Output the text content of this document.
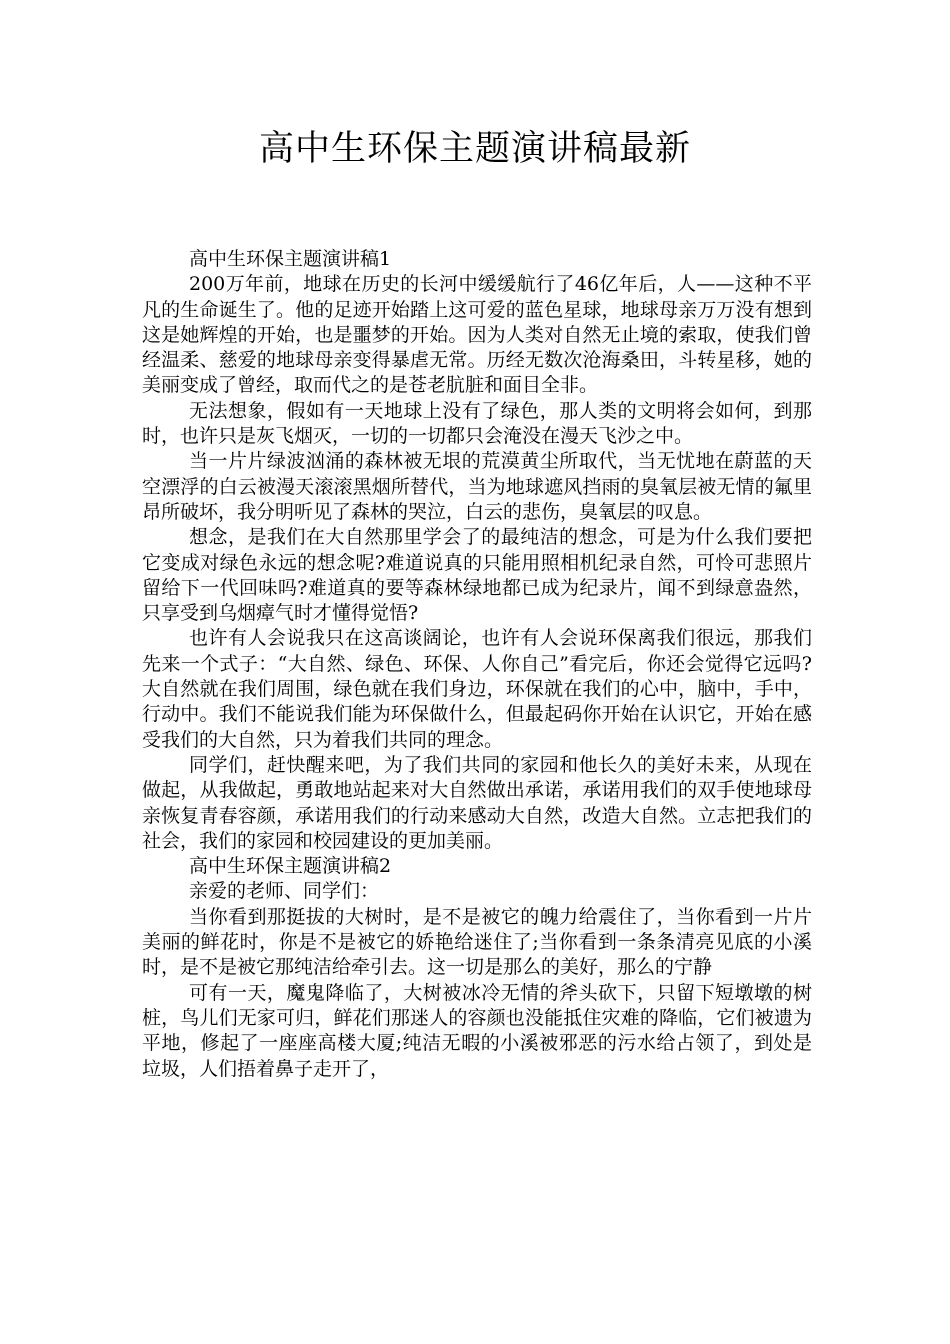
高中生环保主题演讲稿最新

高中生环保主题演讲稿1

200万年前，地球在历史的长河中缓缓航行了46亿年后，人——这种不平凡的生命诞生了。他的足迹开始踏上这可爱的蓝色星球，地球母亲万万没有想到这是她辉煌的开始，也是噩梦的开始。因为人类对自然无止境的索取，使我们曾经温柔、慈爱的地球母亲变得暴虐无常。历经无数次沧海桑田，斗转星移，她的美丽变成了曾经，取而代之的是苍老肮脏和面目全非。

无法想象，假如有一天地球上没有了绿色，那人类的文明将会如何，到那时，也许只是灰飞烟灭，一切的一切都只会淹没在漫天飞沙之中。

当一片片绿波汹涌的森林被无垠的荒漠黄尘所取代，当无忧地在蔚蓝的天空漂浮的白云被漫天滚滚黑烟所替代，当为地球遮风挡雨的臭氧层被无情的氟里昂所破坏，我分明听见了森林的哭泣，白云的悲伤，臭氧层的叹息。

想念，是我们在大自然那里学会了的最纯洁的想念，可是为什么我们要把它变成对绿色永远的想念呢?难道说真的只能用照相机纪录自然，可怜可悲照片留给下一代回味吗?难道真的要等森林绿地都已成为纪录片，闻不到绿意盎然，只享受到乌烟瘴气时才懂得觉悟?

也许有人会说我只在这高谈阔论，也许有人会说环保离我们很远，那我们先来一个式子：“大自然、绿色、环保、人你自己”看完后，你还会觉得它远吗?大自然就在我们周围，绿色就在我们身边，环保就在我们的心中，脑中，手中，行动中。我们不能说我们能为环保做什么，但最起码你开始在认识它，开始在感受我们的大自然，只为着我们共同的理念。

同学们，赶快醒来吧，为了我们共同的家园和他长久的美好未来，从现在做起，从我做起，勇敢地站起来对大自然做出承诺，承诺用我们的双手使地球母亲恢复青春容颜，承诺用我们的行动来感动大自然，改造大自然。立志把我们的社会，我们的家园和校园建设的更加美丽。

高中生环保主题演讲稿2

亲爱的老师、同学们：

当你看到那挺拔的大树时，是不是被它的魄力给震住了，当你看到一片片美丽的鲜花时，你是不是被它的娇艳给迷住了;当你看到一条条清亮见底的小溪时，是不是被它那纯洁给牵引去。这一切是那么的美好，那么的宁静

可有一天，魔鬼降临了，大树被冰冷无情的斧头砍下，只留下短墩墩的树桩，鸟儿们无家可归，鲜花们那迷人的容颜也没能抵住灾难的降临，它们被遗为平地，修起了一座座高楼大厦;纯洁无暇的小溪被邪恶的污水给占领了，到处是垃圾，人们捂着鼻子走开了，
